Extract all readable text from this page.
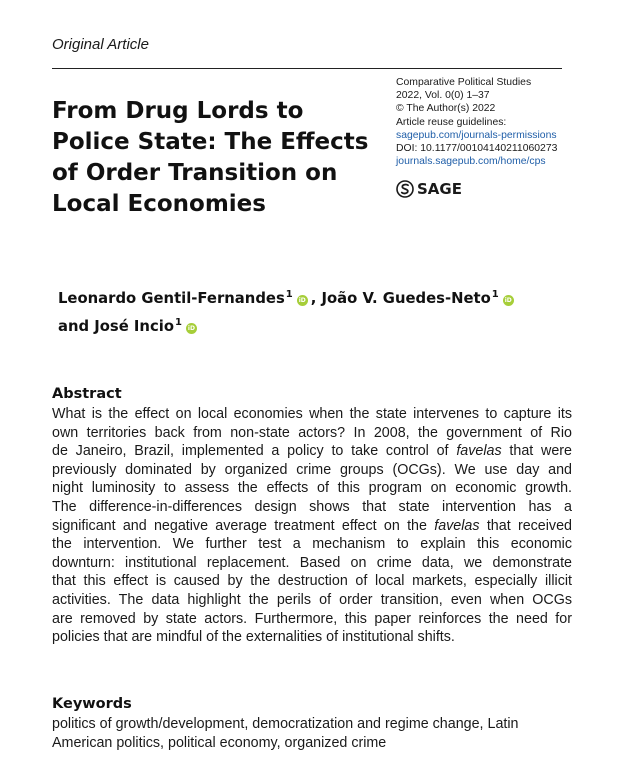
Original Article
From Drug Lords to
Police State: The Effects
of Order Transition on
Local Economies
Comparative Political Studies
2022, Vol. 0(0) 1–37
© The Author(s) 2022
Article reuse guidelines:
sagepub.com/journals-permissions
DOI: 10.1177/00104140211060273
journals.sagepub.com/home/cps
SAGE
Leonardo Gentil-Fernandes$^1$iD , João V. Guedes-Neto$^1$iD
and José Incio$^1$iD
Abstract
What is the effect on local economies when the state intervenes to capture its
own territories back from non-state actors? In 2008, the government of Rio
de Janeiro, Brazil, implemented a policy to take control of favelas that were
previously dominated by organized crime groups (OCGs). We use day and
night luminosity to assess the effects of this program on economic growth.
The difference-in-differences design shows that state intervention has a
significant and negative average treatment effect on the favelas that received
the intervention. We further test a mechanism to explain this economic
downturn: institutional replacement. Based on crime data, we demonstrate
that this effect is caused by the destruction of local markets, especially illicit
activities. The data highlight the perils of order transition, even when OCGs
are removed by state actors. Furthermore, this paper reinforces the need for
policies that are mindful of the externalities of institutional shifts.
Keywords
politics of growth/development, democratization and regime change, Latin
American politics, political economy, organized crime
